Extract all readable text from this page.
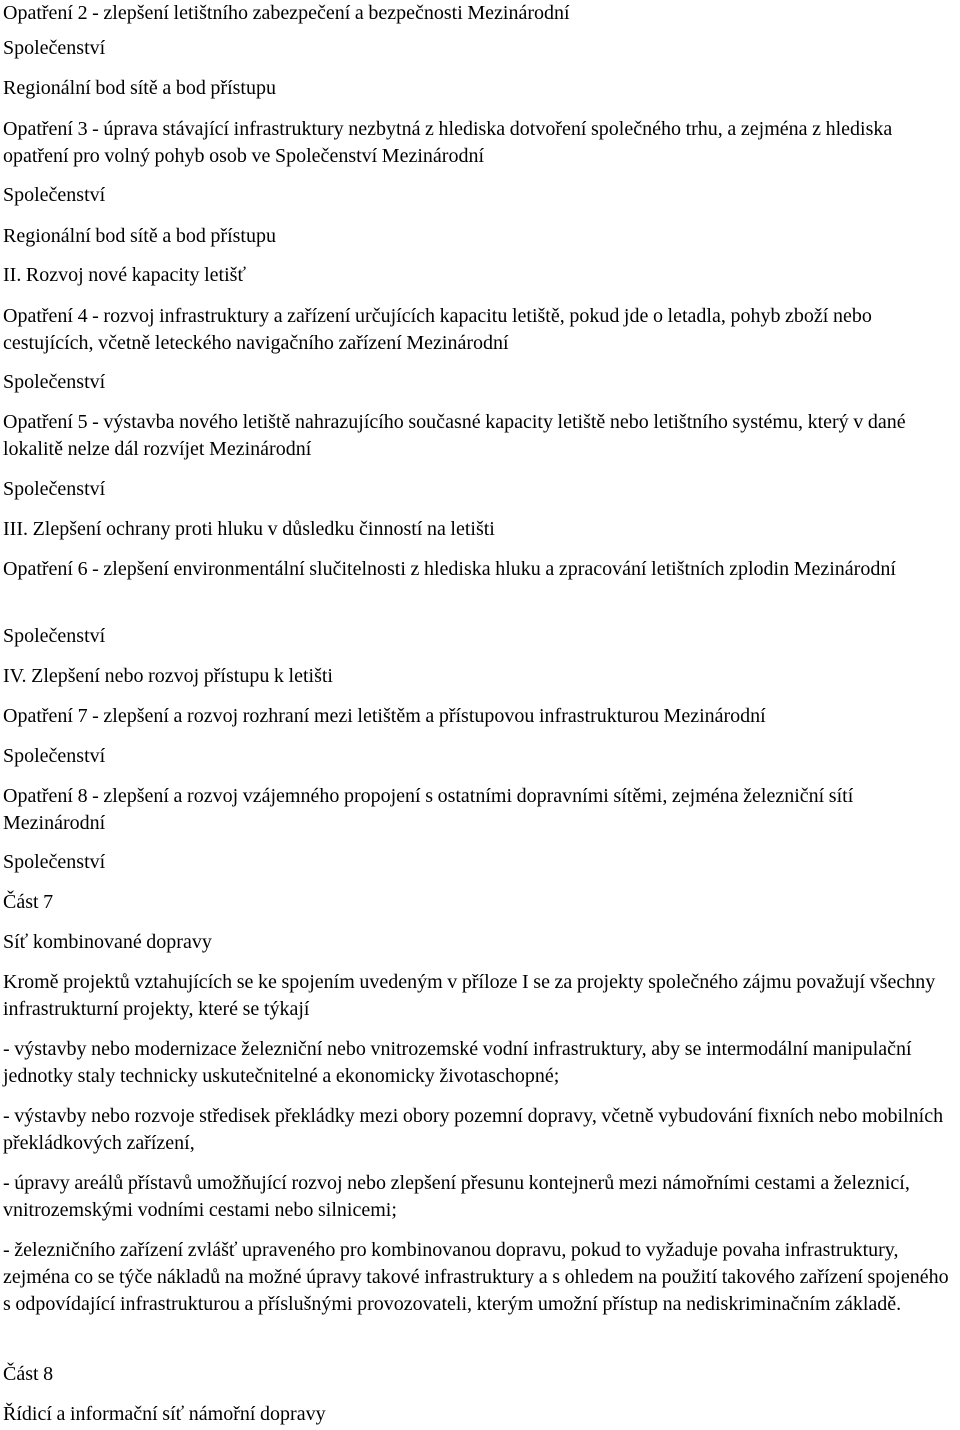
Opatření 2 - zlepšení letištního zabezpečení a bezpečnosti Mezinárodní

Společenství

Regionální bod sítě a bod přístupu

Opatření 3 - úprava stávající infrastruktury nezbytná z hlediska dotvoření společného trhu, a zejména z hlediska opatření pro volný pohyb osob ve Společenství Mezinárodní

Společenství

Regionální bod sítě a bod přístupu

II. Rozvoj nové kapacity letišť

Opatření 4 - rozvoj infrastruktury a zařízení určujících kapacitu letiště, pokud jde o letadla, pohyb zboží nebo cestujících, včetně leteckého navigačního zařízení Mezinárodní

Společenství

Opatření 5 - výstavba nového letiště nahrazujícího současné kapacity letiště nebo letištního systému, který v dané lokalitě nelze dál rozvíjet Mezinárodní

Společenství

III. Zlepšení ochrany proti hluku v důsledku činností na letišti

Opatření 6 - zlepšení environmentální slučitelnosti z hlediska hluku a zpracování letištních zplodin Mezinárodní

Společenství

IV. Zlepšení nebo rozvoj přístupu k letišti

Opatření 7 - zlepšení a rozvoj rozhraní mezi letištěm a přístupovou infrastrukturou Mezinárodní

Společenství

Opatření 8 - zlepšení a rozvoj vzájemného propojení s ostatními dopravními sítěmi, zejména železniční sítí Mezinárodní

Společenství

Část 7

Síť kombinované dopravy

Kromě projektů vztahujících se ke spojením uvedeným v příloze I se za projekty společného zájmu považují všechny infrastrukturní projekty, které se týkají

- výstavby nebo modernizace železniční nebo vnitrozemské vodní infrastruktury, aby se intermodální manipulační jednotky staly technicky uskutečnitelné a ekonomicky životaschopné;

- výstavby nebo rozvoje středisek překládky mezi obory pozemní dopravy, včetně vybudování fixních nebo mobilních překládkových zařízení,

- úpravy areálů přístavů umožňující rozvoj nebo zlepšení přesunu kontejnerů mezi námořními cestami a železnicí, vnitrozemskými vodními cestami nebo silnicemi;

- železničního zařízení zvlášť upraveného pro kombinovanou dopravu, pokud to vyžaduje povaha infrastruktury, zejména co se týče nákladů na možné úpravy takové infrastruktury a s ohledem na použití takového zařízení spojeného s odpovídající infrastrukturou a příslušnými provozovateli, kterým umožní přístup na nediskriminačním základě.

Část 8

Řídicí a informační síť námořní dopravy
